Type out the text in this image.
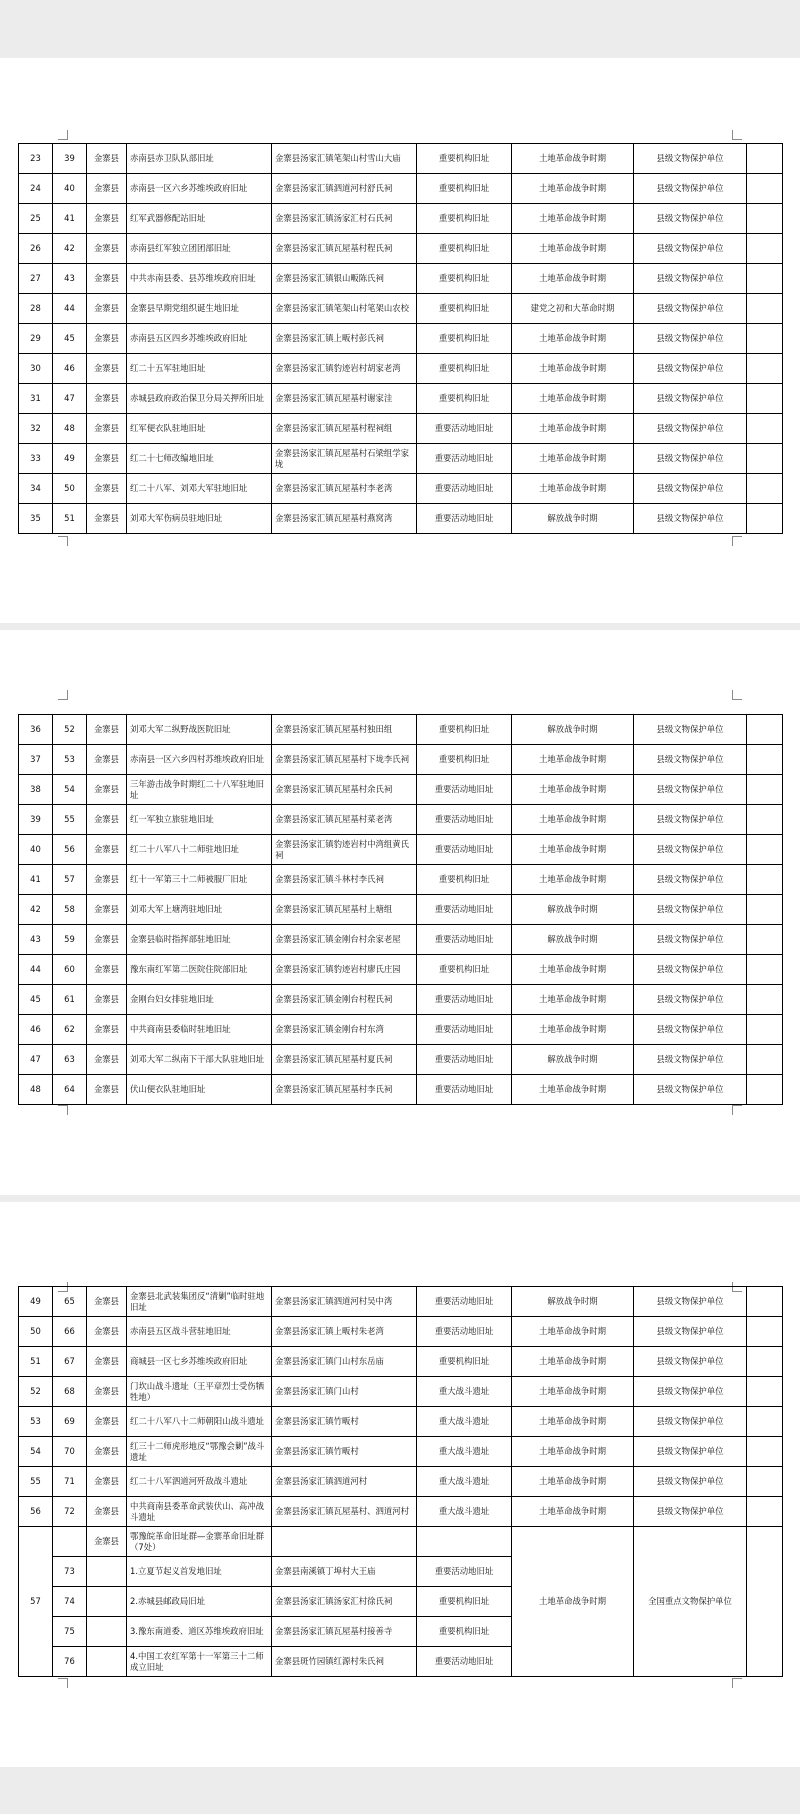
23	39	金寨县	赤南县赤卫队队部旧址	金寨县汤家汇镇笔架山村雪山大庙	重要机构旧址	土地革命战争时期	县级文物保护单位	
24	40	金寨县	赤南县一区六乡苏维埃政府旧址	金寨县汤家汇镇泗道河村舒氏祠	重要机构旧址	土地革命战争时期	县级文物保护单位	
25	41	金寨县	红军武器修配站旧址	金寨县汤家汇镇汤家汇村石氏祠	重要机构旧址	土地革命战争时期	县级文物保护单位	
26	42	金寨县	赤南县红军独立团团部旧址	金寨县汤家汇镇瓦屋基村程氏祠	重要机构旧址	土地革命战争时期	县级文物保护单位	
27	43	金寨县	中共赤南县委、县苏维埃政府旧址	金寨县汤家汇镇银山畈陈氏祠	重要机构旧址	土地革命战争时期	县级文物保护单位	
28	44	金寨县	金寨县早期党组织诞生地旧址	金寨县汤家汇镇笔架山村笔架山农校	重要机构旧址	建党之初和大革命时期	县级文物保护单位	
29	45	金寨县	赤南县五区四乡苏维埃政府旧址	金寨县汤家汇镇上畈村彭氏祠	重要机构旧址	土地革命战争时期	县级文物保护单位	
30	46	金寨县	红二十五军驻地旧址	金寨县汤家汇镇豹迹岩村胡家老湾	重要机构旧址	土地革命战争时期	县级文物保护单位	
31	47	金寨县	赤城县政府政治保卫分局关押所旧址	金寨县汤家汇镇瓦屋基村谢家洼	重要机构旧址	土地革命战争时期	县级文物保护单位	
32	48	金寨县	红军便衣队驻地旧址	金寨县汤家汇镇瓦屋基村程祠组	重要活动地旧址	土地革命战争时期	县级文物保护单位	
33	49	金寨县	红二十七师改编地旧址	金寨县汤家汇镇瓦屋基村石梁组学家垅	重要活动地旧址	土地革命战争时期	县级文物保护单位	
34	50	金寨县	红二十八军、刘邓大军驻地旧址	金寨县汤家汇镇瓦屋基村李老湾	重要活动地旧址	土地革命战争时期	县级文物保护单位	
35	51	金寨县	刘邓大军伤病员驻地旧址	金寨县汤家汇镇瓦屋基村燕窝湾	重要活动地旧址	解放战争时期	县级文物保护单位	
36	52	金寨县	刘邓大军二纵野战医院旧址	金寨县汤家汇镇瓦屋基村独田组	重要机构旧址	解放战争时期	县级文物保护单位	
37	53	金寨县	赤南县一区六乡四村苏维埃政府旧址	金寨县汤家汇镇瓦屋基村下垅李氏祠	重要机构旧址	土地革命战争时期	县级文物保护单位	
38	54	金寨县	三年游击战争时期红二十八军驻地旧址	金寨县汤家汇镇瓦屋基村余氏祠	重要活动地旧址	土地革命战争时期	县级文物保护单位	
39	55	金寨县	红一军独立旅驻地旧址	金寨县汤家汇镇瓦屋基村菜老湾	重要活动地旧址	土地革命战争时期	县级文物保护单位	
40	56	金寨县	红二十八军八十二师驻地旧址	金寨县汤家汇镇豹迹岩村中湾组黄氏祠	重要活动地旧址	土地革命战争时期	县级文物保护单位	
41	57	金寨县	红十一军第三十二师被服厂旧址	金寨县汤家汇镇斗林村李氏祠	重要机构旧址	土地革命战争时期	县级文物保护单位	
42	58	金寨县	刘邓大军上塘湾驻地旧址	金寨县汤家汇镇瓦屋基村上塘组	重要活动地旧址	解放战争时期	县级文物保护单位	
43	59	金寨县	金寨县临时指挥部驻地旧址	金寨县汤家汇镇金刚台村余家老屋	重要活动地旧址	解放战争时期	县级文物保护单位	
44	60	金寨县	豫东南红军第二医院住院部旧址	金寨县汤家汇镇豹迹岩村廖氏庄园	重要机构旧址	土地革命战争时期	县级文物保护单位	
45	61	金寨县	金刚台妇女排驻地旧址	金寨县汤家汇镇金刚台村程氏祠	重要活动地旧址	土地革命战争时期	县级文物保护单位	
46	62	金寨县	中共商南县委临时驻地旧址	金寨县汤家汇镇金刚台村东湾	重要活动地旧址	土地革命战争时期	县级文物保护单位	
47	63	金寨县	刘邓大军二纵南下干部大队驻地旧址	金寨县汤家汇镇瓦屋基村夏氏祠	重要活动地旧址	解放战争时期	县级文物保护单位	
48	64	金寨县	伏山便衣队驻地旧址	金寨县汤家汇镇瓦屋基村李氏祠	重要活动地旧址	土地革命战争时期	县级文物保护单位	
49	65	金寨县	金寨县北武装集团反“清剿”临时驻地旧址	金寨县汤家汇镇泗道河村吴中湾	重要活动地旧址	解放战争时期	县级文物保护单位	
50	66	金寨县	赤南县五区战斗营驻地旧址	金寨县汤家汇镇上畈村朱老湾	重要活动地旧址	土地革命战争时期	县级文物保护单位	
51	67	金寨县	商城县一区七乡苏维埃政府旧址	金寨县汤家汇镇门山村东岳庙	重要机构旧址	土地革命战争时期	县级文物保护单位	
52	68	金寨县	门坎山战斗遗址（王平章烈士受伤牺牲地）	金寨县汤家汇镇门山村	重大战斗遗址	土地革命战争时期	县级文物保护单位	
53	69	金寨县	红二十八军八十二师朝阳山战斗遗址	金寨县汤家汇镇竹畈村	重大战斗遗址	土地革命战争时期	县级文物保护单位	
54	70	金寨县	红三十二师虎形地反“鄂豫会剿”战斗遗址	金寨县汤家汇镇竹畈村	重大战斗遗址	土地革命战争时期	县级文物保护单位	
55	71	金寨县	红二十八军泗道河歼敌战斗遗址	金寨县汤家汇镇泗道河村	重大战斗遗址	土地革命战争时期	县级文物保护单位	
56	72	金寨县	中共商南县委革命武装伏山、高冲战斗遗址	金寨县汤家汇镇瓦屋基村、泗道河村	重大战斗遗址	土地革命战争时期	县级文物保护单位	
57		金寨县	鄂豫皖革命旧址群—金寨革命旧址群（7处）			土地革命战争时期	全国重点文物保护单位	
	73		1.立夏节起义首发地旧址	金寨县南溪镇丁埠村大王庙	重要活动地旧址			
	74		2.赤城县邮政局旧址	金寨县汤家汇镇汤家汇村徐氏祠	重要机构旧址			
	75		3.豫东南道委、道区苏维埃政府旧址	金寨县汤家汇镇瓦屋基村接善寺	重要机构旧址			
	76		4.中国工农红军第十一军第三十二师成立旧址	金寨县斑竹园镇红源村朱氏祠	重要活动地旧址			
